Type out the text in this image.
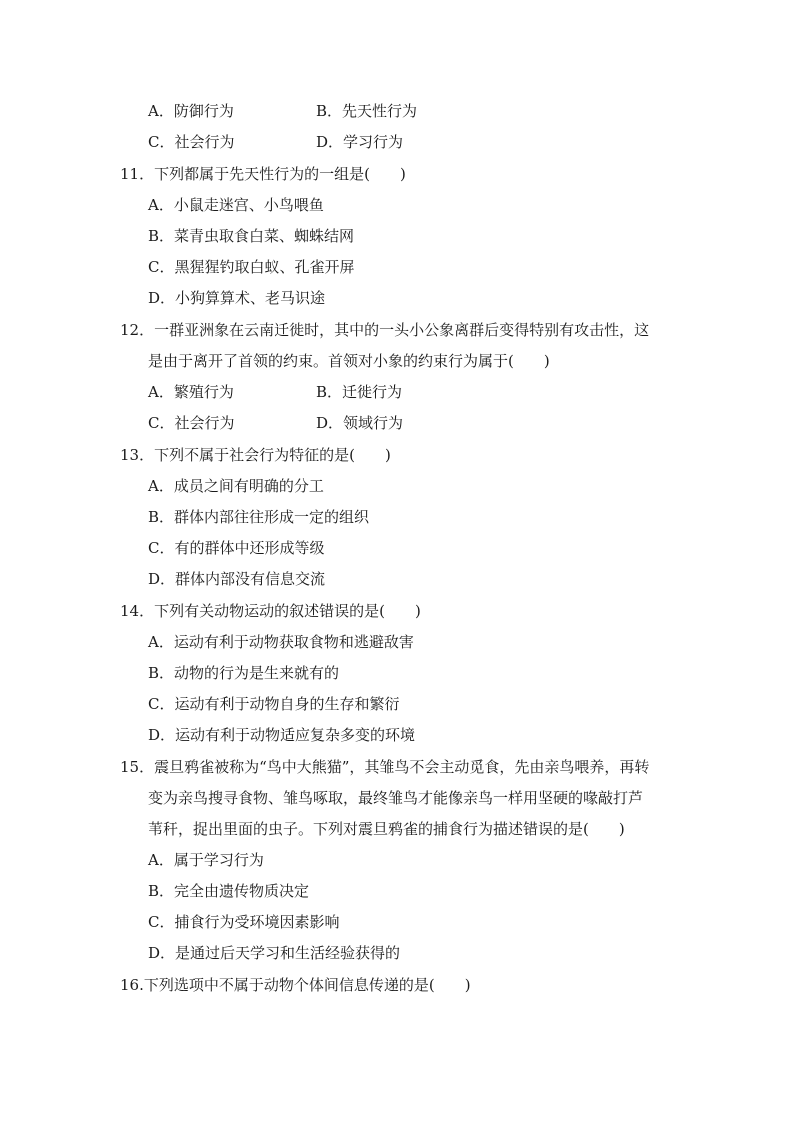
A．防御行为	B．先天性行为
C．社会行为	D．学习行为
11．下列都属于先天性行为的一组是(　　)
A．小鼠走迷宫、小鸟喂鱼
B．菜青虫取食白菜、蜘蛛结网
C．黑猩猩钓取白蚁、孔雀开屏
D．小狗算算术、老马识途
12．一群亚洲象在云南迁徙时，其中的一头小公象离群后变得特别有攻击性，这
是由于离开了首领的约束。首领对小象的约束行为属于(　　)
A．繁殖行为	B．迁徙行为
C．社会行为	D．领域行为
13．下列不属于社会行为特征的是(　　)
A．成员之间有明确的分工
B．群体内部往往形成一定的组织
C．有的群体中还形成等级
D．群体内部没有信息交流
14．下列有关动物运动的叙述错误的是(　　)
A．运动有利于动物获取食物和逃避敌害
B．动物的行为是生来就有的
C．运动有利于动物自身的生存和繁衍
D．运动有利于动物适应复杂多变的环境
15．震旦鸦雀被称为“鸟中大熊猫”，其雏鸟不会主动觅食，先由亲鸟喂养，再转
变为亲鸟搜寻食物、雏鸟啄取，最终雏鸟才能像亲鸟一样用坚硬的喙敲打芦
苇秆，捉出里面的虫子。下列对震旦鸦雀的捕食行为描述错误的是(　　)
A．属于学习行为
B．完全由遗传物质决定
C．捕食行为受环境因素影响
D．是通过后天学习和生活经验获得的
16.下列选项中不属于动物个体间信息传递的是(　　)
